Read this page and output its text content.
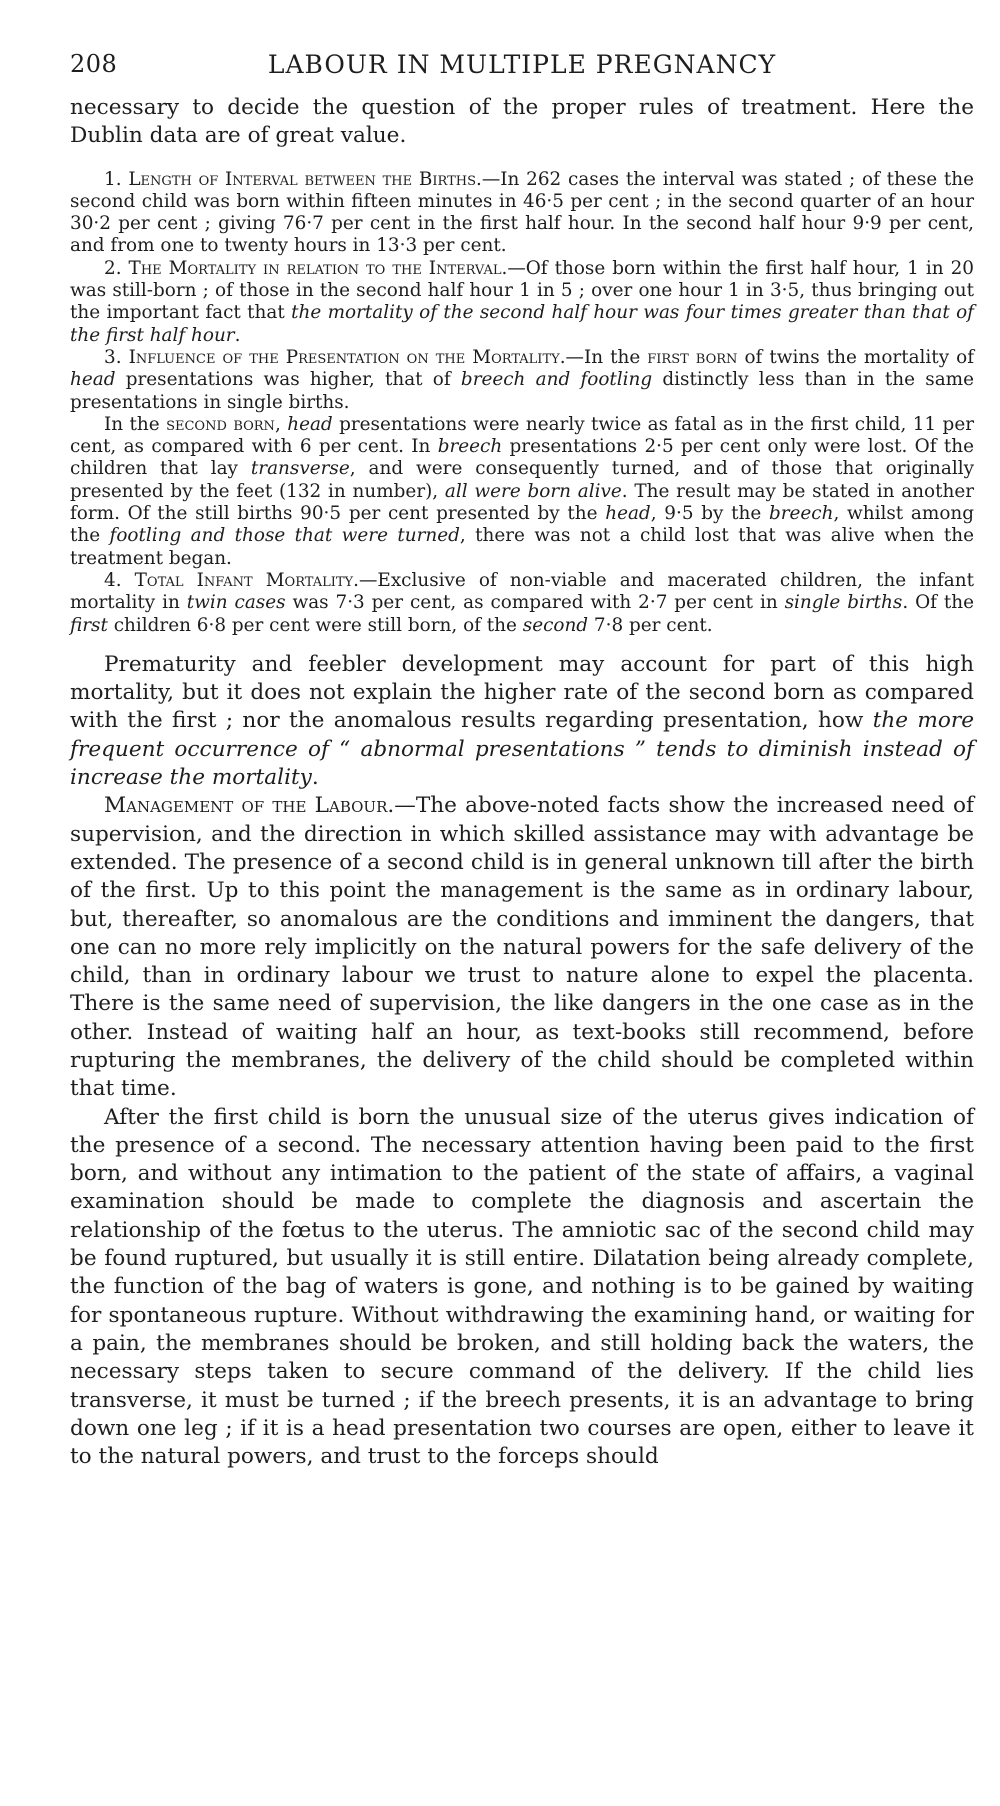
208	LABOUR IN MULTIPLE PREGNANCY

necessary to decide the question of the proper rules of treatment. Here the Dublin data are of great value.

1. Length of Interval between the Births.—In 262 cases the interval was stated ; of these the second child was born within fifteen minutes in 46·5 per cent ; in the second quarter of an hour 30·2 per cent ; giving 76·7 per cent in the first half hour. In the second half hour 9·9 per cent, and from one to twenty hours in 13·3 per cent.

2. The Mortality in relation to the Interval.—Of those born within the first half hour, 1 in 20 was still-born ; of those in the second half hour 1 in 5 ; over one hour 1 in 3·5, thus bringing out the important fact that the mortality of the second half hour was four times greater than that of the first half hour.

3. Influence of the Presentation on the Mortality.—In the first born of twins the mortality of head presentations was higher, that of breech and footling distinctly less than in the same presentations in single births.

In the second born, head presentations were nearly twice as fatal as in the first child, 11 per cent, as compared with 6 per cent. In breech presentations 2·5 per cent only were lost. Of the children that lay transverse, and were consequently turned, and of those that originally presented by the feet (132 in number), all were born alive. The result may be stated in another form. Of the still births 90·5 per cent presented by the head, 9·5 by the breech, whilst among the footling and those that were turned, there was not a child lost that was alive when the treatment began.

4. Total Infant Mortality.—Exclusive of non-viable and macerated children, the infant mortality in twin cases was 7·3 per cent, as compared with 2·7 per cent in single births. Of the first children 6·8 per cent were still born, of the second 7·8 per cent.

Prematurity and feebler development may account for part of this high mortality, but it does not explain the higher rate of the second born as compared with the first ; nor the anomalous results regarding presentation, how the more frequent occurrence of “ abnormal presentations ” tends to diminish instead of increase the mortality.

Management of the Labour.—The above-noted facts show the increased need of supervision, and the direction in which skilled assistance may with advantage be extended. The presence of a second child is in general unknown till after the birth of the first. Up to this point the management is the same as in ordinary labour, but, thereafter, so anomalous are the conditions and imminent the dangers, that one can no more rely implicitly on the natural powers for the safe delivery of the child, than in ordinary labour we trust to nature alone to expel the placenta. There is the same need of supervision, the like dangers in the one case as in the other. Instead of waiting half an hour, as text-books still recommend, before rupturing the membranes, the delivery of the child should be completed within that time.

After the first child is born the unusual size of the uterus gives indication of the presence of a second. The necessary attention having been paid to the first born, and without any intimation to the patient of the state of affairs, a vaginal examination should be made to complete the diagnosis and ascertain the relationship of the fœtus to the uterus. The amniotic sac of the second child may be found ruptured, but usually it is still entire. Dilatation being already complete, the function of the bag of waters is gone, and nothing is to be gained by waiting for spontaneous rupture. Without withdrawing the examining hand, or waiting for a pain, the membranes should be broken, and still holding back the waters, the necessary steps taken to secure command of the delivery. If the child lies transverse, it must be turned ; if the breech presents, it is an advantage to bring down one leg ; if it is a head presentation two courses are open, either to leave it to the natural powers, and trust to the forceps should
